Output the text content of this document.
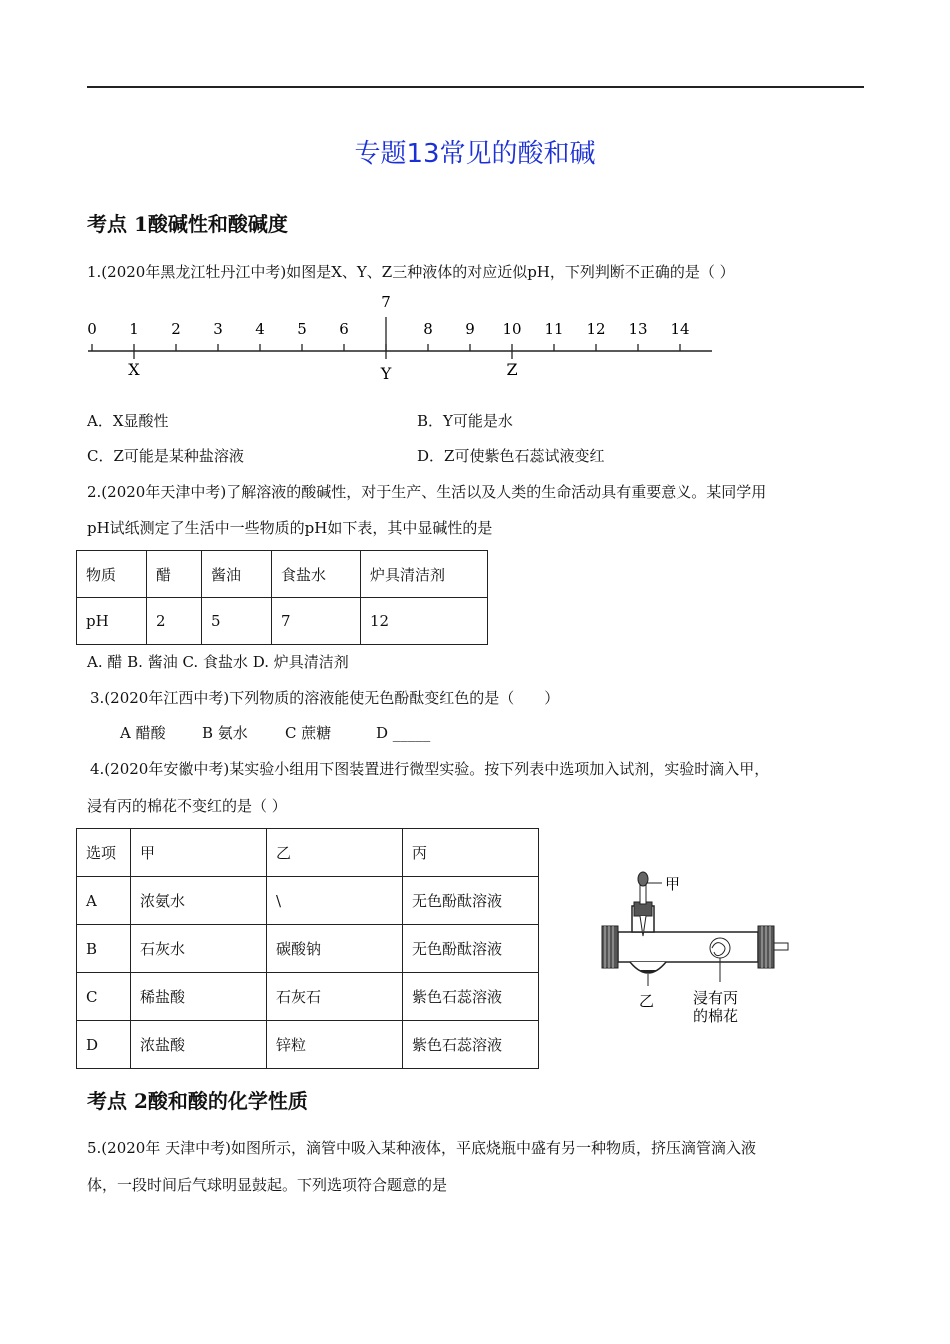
专题13常见的酸和碱
考点 1酸碱性和酸碱度
1.(2020年黑龙江牡丹江中考)如图是X、Y、Z三种液体的对应近似pH，下列判断不正确的是（ ）
0 1 2 3 4 5 6
7
8 9 10 11 12 13 14
X	Y	Z
A．X显酸性	B．Y可能是水
C．Z可能是某种盐溶液	D．Z可使紫色石蕊试液变红
2.(2020年天津中考)了解溶液的酸碱性，对于生产、生活以及人类的生命活动具有重要意义。某同学用
pH试纸测定了生活中一些物质的pH如下表，其中显碱性的是
物质	醋	酱油	食盐水	炉具清洁剂
pH	2	5	7	12
A. 醋 B. 酱油 C. 食盐水 D. 炉具清洁剂
3.(2020年江西中考)下列物质的溶液能使无色酚酞变红色的是（　　）
A 醋酸 B 氨水 C 蔗糖	D _____
4.(2020年安徽中考)某实验小组用下图装置进行微型实验。按下列表中选项加入试剂，实验时滴入甲，
浸有丙的棉花不变红的是（ ）
选项	甲	乙	丙
A	浓氨水	\	无色酚酞溶液
B	石灰水	碳酸钠	无色酚酞溶液
C	稀盐酸	石灰石	紫色石蕊溶液
D	浓盐酸	锌粒	紫色石蕊溶液
甲
乙	浸有丙
的棉花
考点 2酸和酸的化学性质
5.(2020年 天津中考)如图所示，滴管中吸入某种液体，平底烧瓶中盛有另一种物质，挤压滴管滴入液
体，一段时间后气球明显鼓起。下列选项符合题意的是
